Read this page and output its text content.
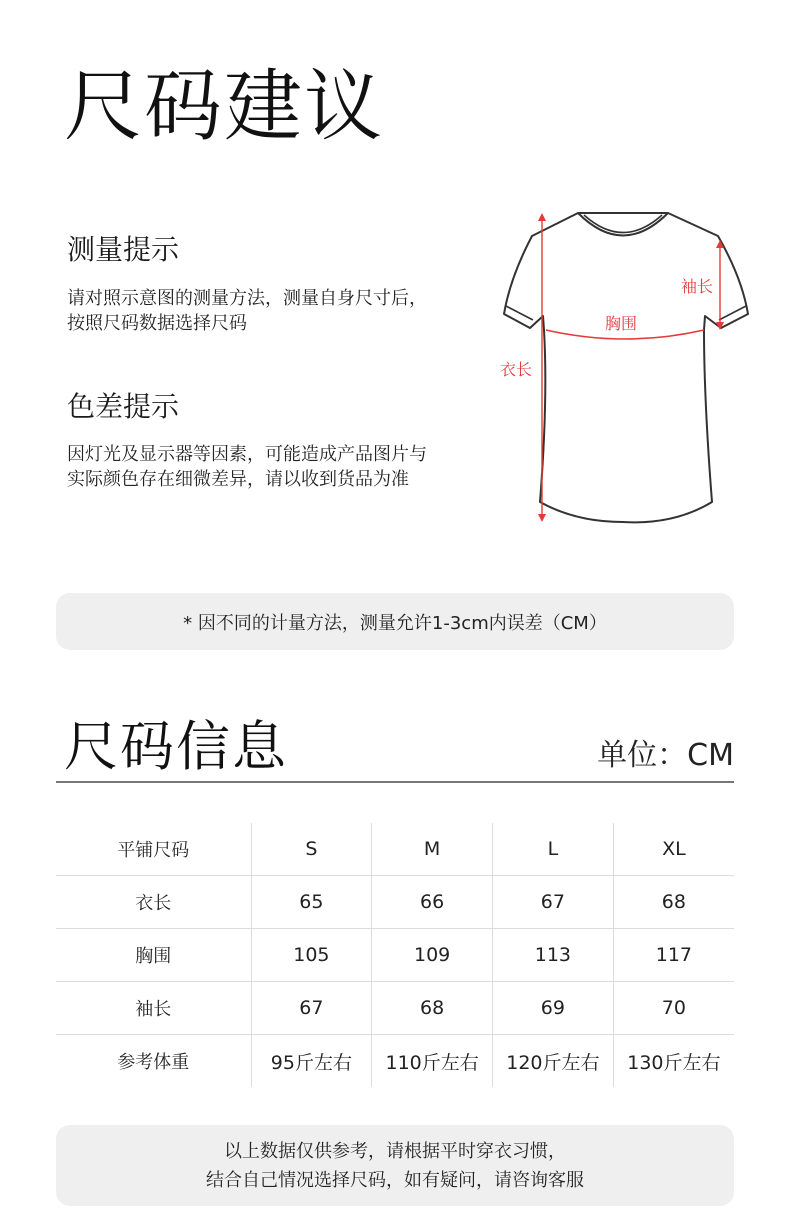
尺码建议
测量提示
请对照示意图的测量方法，测量自身尺寸后，
按照尺码数据选择尺码
色差提示
因灯光及显示器等因素，可能造成产品图片与
实际颜色存在细微差异，请以收到货品为准
衣长
胸围
袖长
* 因不同的计量方法，测量允许1-3cm内误差（CM）
尺码信息	单位：CM
平铺尺码	S	M	L	XL
衣长	65	66	67	68
胸围	105	109	113	117
袖长	67	68	69	70
参考体重	95斤左右	110斤左右	120斤左右	130斤左右
以上数据仅供参考，请根据平时穿衣习惯，
结合自己情况选择尺码，如有疑问，请咨询客服
